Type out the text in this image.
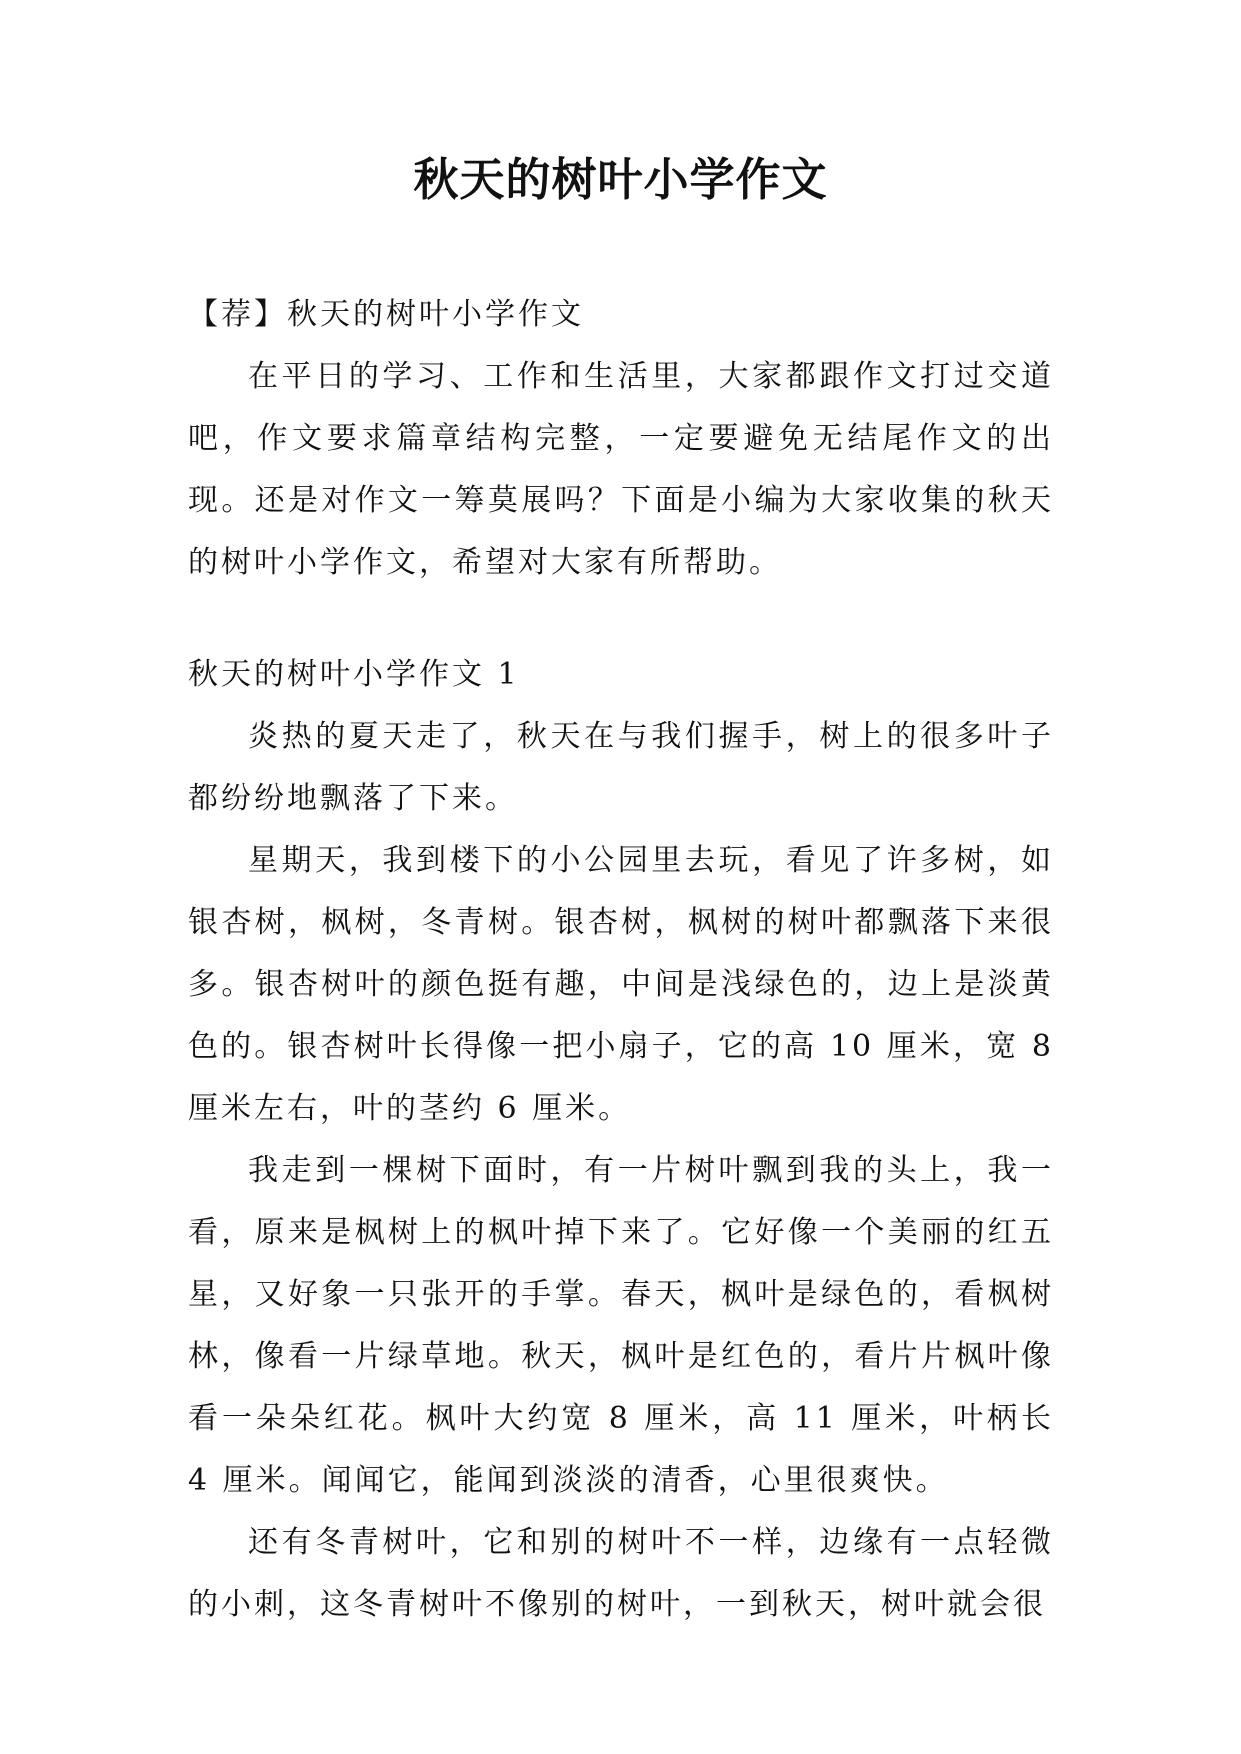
秋天的树叶小学作文

【荐】秋天的树叶小学作文

在平日的学习、工作和生活里，大家都跟作文打过交道吧，作文要求篇章结构完整，一定要避免无结尾作文的出现。还是对作文一筹莫展吗？下面是小编为大家收集的秋天的树叶小学作文，希望对大家有所帮助。

秋天的树叶小学作文 1

炎热的夏天走了，秋天在与我们握手，树上的很多叶子都纷纷地飘落了下来。

星期天，我到楼下的小公园里去玩，看见了许多树，如银杏树，枫树，冬青树。银杏树，枫树的树叶都飘落下来很多。银杏树叶的颜色挺有趣，中间是浅绿色的，边上是淡黄色的。银杏树叶长得像一把小扇子，它的高 10 厘米，宽 8 厘米左右，叶的茎约 6 厘米。

我走到一棵树下面时，有一片树叶飘到我的头上，我一看，原来是枫树上的枫叶掉下来了。它好像一个美丽的红五星，又好象一只张开的手掌。春天，枫叶是绿色的，看枫树林，像看一片绿草地。秋天，枫叶是红色的，看片片枫叶像看一朵朵红花。枫叶大约宽 8 厘米，高 11 厘米，叶柄长 4 厘米。闻闻它，能闻到淡淡的清香，心里很爽快。

还有冬青树叶，它和别的树叶不一样，边缘有一点轻微的小刺，这冬青树叶不像别的树叶，一到秋天，树叶就会很
